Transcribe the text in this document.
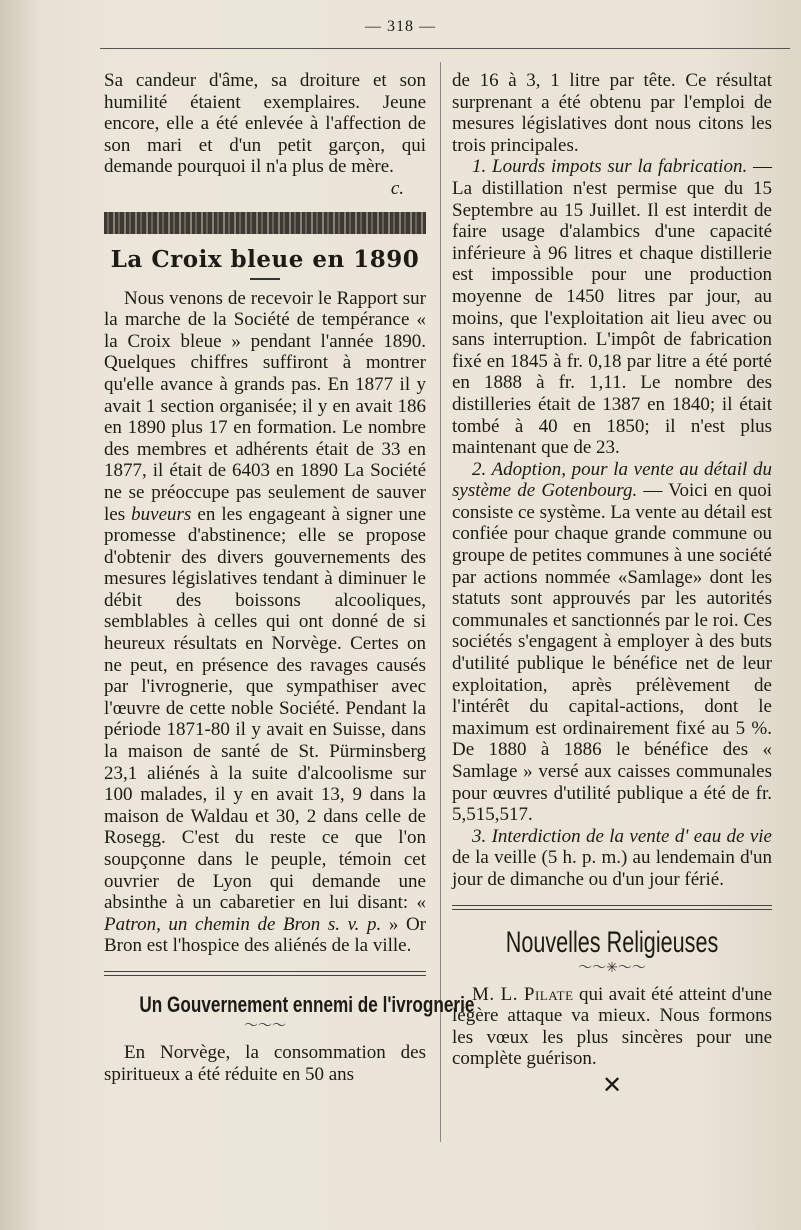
— 318 —

Sa candeur d'âme, sa droiture et son humilité étaient exemplaires. Jeune encore, elle a été enlevée à l'affection de son mari et d'un petit garçon, qui demande pourquoi il n'a plus de mère.

c.
La Croix bleue en 1890

Nous venons de recevoir le Rapport sur la marche de la Société de tempérance « la Croix bleue » pendant l'année 1890. Quelques chiffres suffiront à montrer qu'elle avance à grands pas. En 1877 il y avait 1 section organisée; il y en avait 186 en 1890 plus 17 en formation. Le nombre des membres et adhérents était de 33 en 1877, il était de 6403 en 1890 La Société ne se préoccupe pas seulement de sauver les buveurs en les engageant à signer une promesse d'abstinence; elle se propose d'obtenir des divers gouvernements des mesures législatives tendant à diminuer le débit des boissons alcooliques, semblables à celles qui ont donné de si heureux résultats en Norvège. Certes on ne peut, en présence des ravages causés par l'ivrognerie, que sympathiser avec l'œuvre de cette noble Société. Pendant la période 1871-80 il y avait en Suisse, dans la maison de santé de St. Pürminsberg 23,1 aliénés à la suite d'alcoolisme sur 100 malades, il y en avait 13, 9 dans la maison de Waldau et 30, 2 dans celle de Rosegg. C'est du reste ce que l'on soupçonne dans le peuple, témoin cet ouvrier de Lyon qui demande une absinthe à un cabaretier en lui disant: « Patron, un chemin de Bron s. v. p. » Or Bron est l'hospice des aliénés de la ville.

Un Gouvernement ennemi de l'ivrognerie
～～～

En Norvège, la consommation des spiritueux a été réduite en 50 ans

de 16 à 3, 1 litre par tête. Ce résultat surprenant a été obtenu par l'emploi de mesures législatives dont nous citons les trois principales.

1. Lourds impots sur la fabrication. — La distillation n'est permise que du 15 Septembre au 15 Juillet. Il est interdit de faire usage d'alambics d'une capacité inférieure à 96 litres et chaque distillerie est impossible pour une production moyenne de 1450 litres par jour, au moins, que l'exploitation ait lieu avec ou sans interruption. L'impôt de fabrication fixé en 1845 à fr. 0,18 par litre a été porté en 1888 à fr. 1,11. Le nombre des distilleries était de 1387 en 1840; il était tombé à 40 en 1850; il n'est plus maintenant que de 23.

2. Adoption, pour la vente au détail du système de Gotenbourg. — Voici en quoi consiste ce système. La vente au détail est confiée pour chaque grande commune ou groupe de petites communes à une société par actions nommée «Samlage» dont les statuts sont approuvés par les autorités communales et sanctionnés par le roi. Ces sociétés s'engagent à employer à des buts d'utilité publique le bénéfice net de leur exploitation, après prélèvement de l'intérêt du capital-actions, dont le maximum est ordinairement fixé au 5 %. De 1880 à 1886 le bénéfice des « Samlage » versé aux caisses communales pour œuvres d'utilité publique a été de fr. 5,515,517.

3. Interdiction de la vente d' eau de vie de la veille (5 h. p. m.) au lendemain d'un jour de dimanche ou d'un jour férié.

Nouvelles Religieuses
～～✳～～

M. L. Pilate qui avait été atteint d'une légère attaque va mieux. Nous formons les vœux les plus sincères pour une complète guérison.

✕
